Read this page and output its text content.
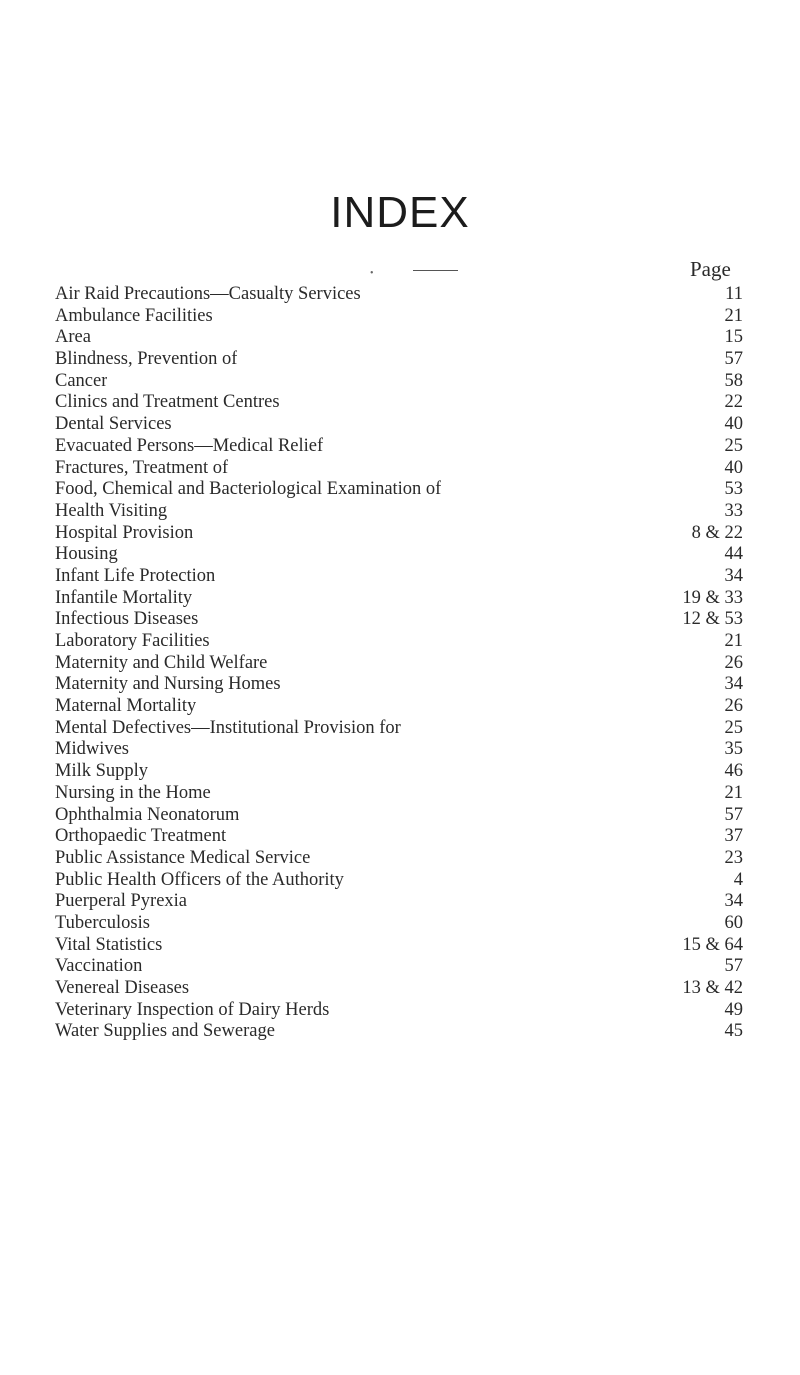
INDEX
•	Page
Air Raid Precautions—Casualty Services	11
Ambulance Facilities	21
Area	15
Blindness, Prevention of	57
Cancer	58
Clinics and Treatment Centres	22
Dental Services	40
Evacuated Persons—Medical Relief	25
Fractures, Treatment of	40
Food, Chemical and Bacteriological Examination of	53
Health Visiting	33
Hospital Provision	8 & 22
Housing	44
Infant Life Protection	34
Infantile Mortality	19 & 33
Infectious Diseases	12 & 53
Laboratory Facilities	21
Maternity and Child Welfare	26
Maternity and Nursing Homes	34
Maternal Mortality	26
Mental Defectives—Institutional Provision for	25
Midwives	35
Milk Supply	46
Nursing in the Home	21
Ophthalmia Neonatorum	57
Orthopaedic Treatment	37
Public Assistance Medical Service	23
Public Health Officers of the Authority	4
Puerperal Pyrexia	34
Tuberculosis	60
Vital Statistics	15 & 64
Vaccination	57
Venereal Diseases	13 & 42
Veterinary Inspection of Dairy Herds	49
Water Supplies and Sewerage	45
